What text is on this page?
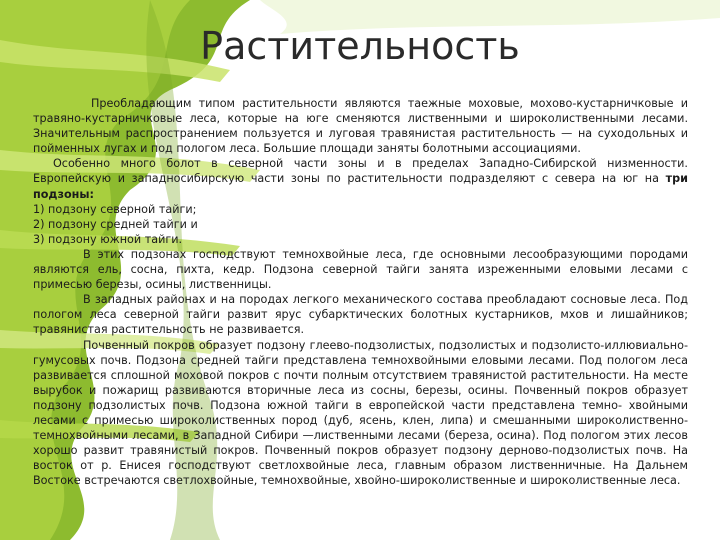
Растительность

Преобладающим типом растительности являются таежные моховые, мохово-кустарничковые и травяно-кустарничковые леса, которые на юге сменяются лиственными и широколиственными лесами. Значительным распространением пользуется и луговая травянистая растительность — на суходольных и пойменных лугах и под пологом леса. Большие площади заняты болотными ассоциациями.

Особенно много болот в северной части зоны и в пределах Западно-Сибирской низменности. Европейскую и западносибирскую части зоны по растительности подразделяют с севера на юг на три подзоны:

1) подзону северной тайги;

2) подзону средней тайги и

3) подзону южной тайги.

В этих подзонах господствуют темнохвойные леса, где основными лесообразующими породами являются ель, сосна, пихта, кедр. Подзона северной тайги занята изреженными еловыми лесами с примесью березы, осины, лиственницы.

В западных районах и на породах легкого механического состава преобладают сосновые леса. Под пологом леса северной тайги развит ярус субарктических болотных кустарников, мхов и лишайников; травянистая растительность не развивается.

Почвенный покров образует подзону глеево-подзолистых, подзолистых и подзолисто-иллювиально-гумусовых почв. Подзона средней тайги представлена темнохвойными еловыми лесами. Под пологом леса развивается сплошной моховой покров с почти полным отсутствием травянистой растительности. На месте вырубок и пожарищ развиваются вторичные леса из сосны, березы, осины. Почвенный покров образует подзону подзолистых почв. Подзона южной тайги в европейской части представлена темно- хвойными лесами с примесью широколиственных пород (дуб, ясень, клен, липа) и смешанными широколиственно-темнохвойными лесами, в Западной Сибири —лиственными лесами (береза, осина). Под пологом этих лесов хорошо развит травянистый покров. Почвенный покров образует подзону дерново-подзолистых почв. На восток от р. Енисея господствуют светлохвойные леса, главным образом лиственничные. На Дальнем Востоке встречаются светлохвойные, темнохвойные, хвойно-широколиственные и широколиственные леса.
